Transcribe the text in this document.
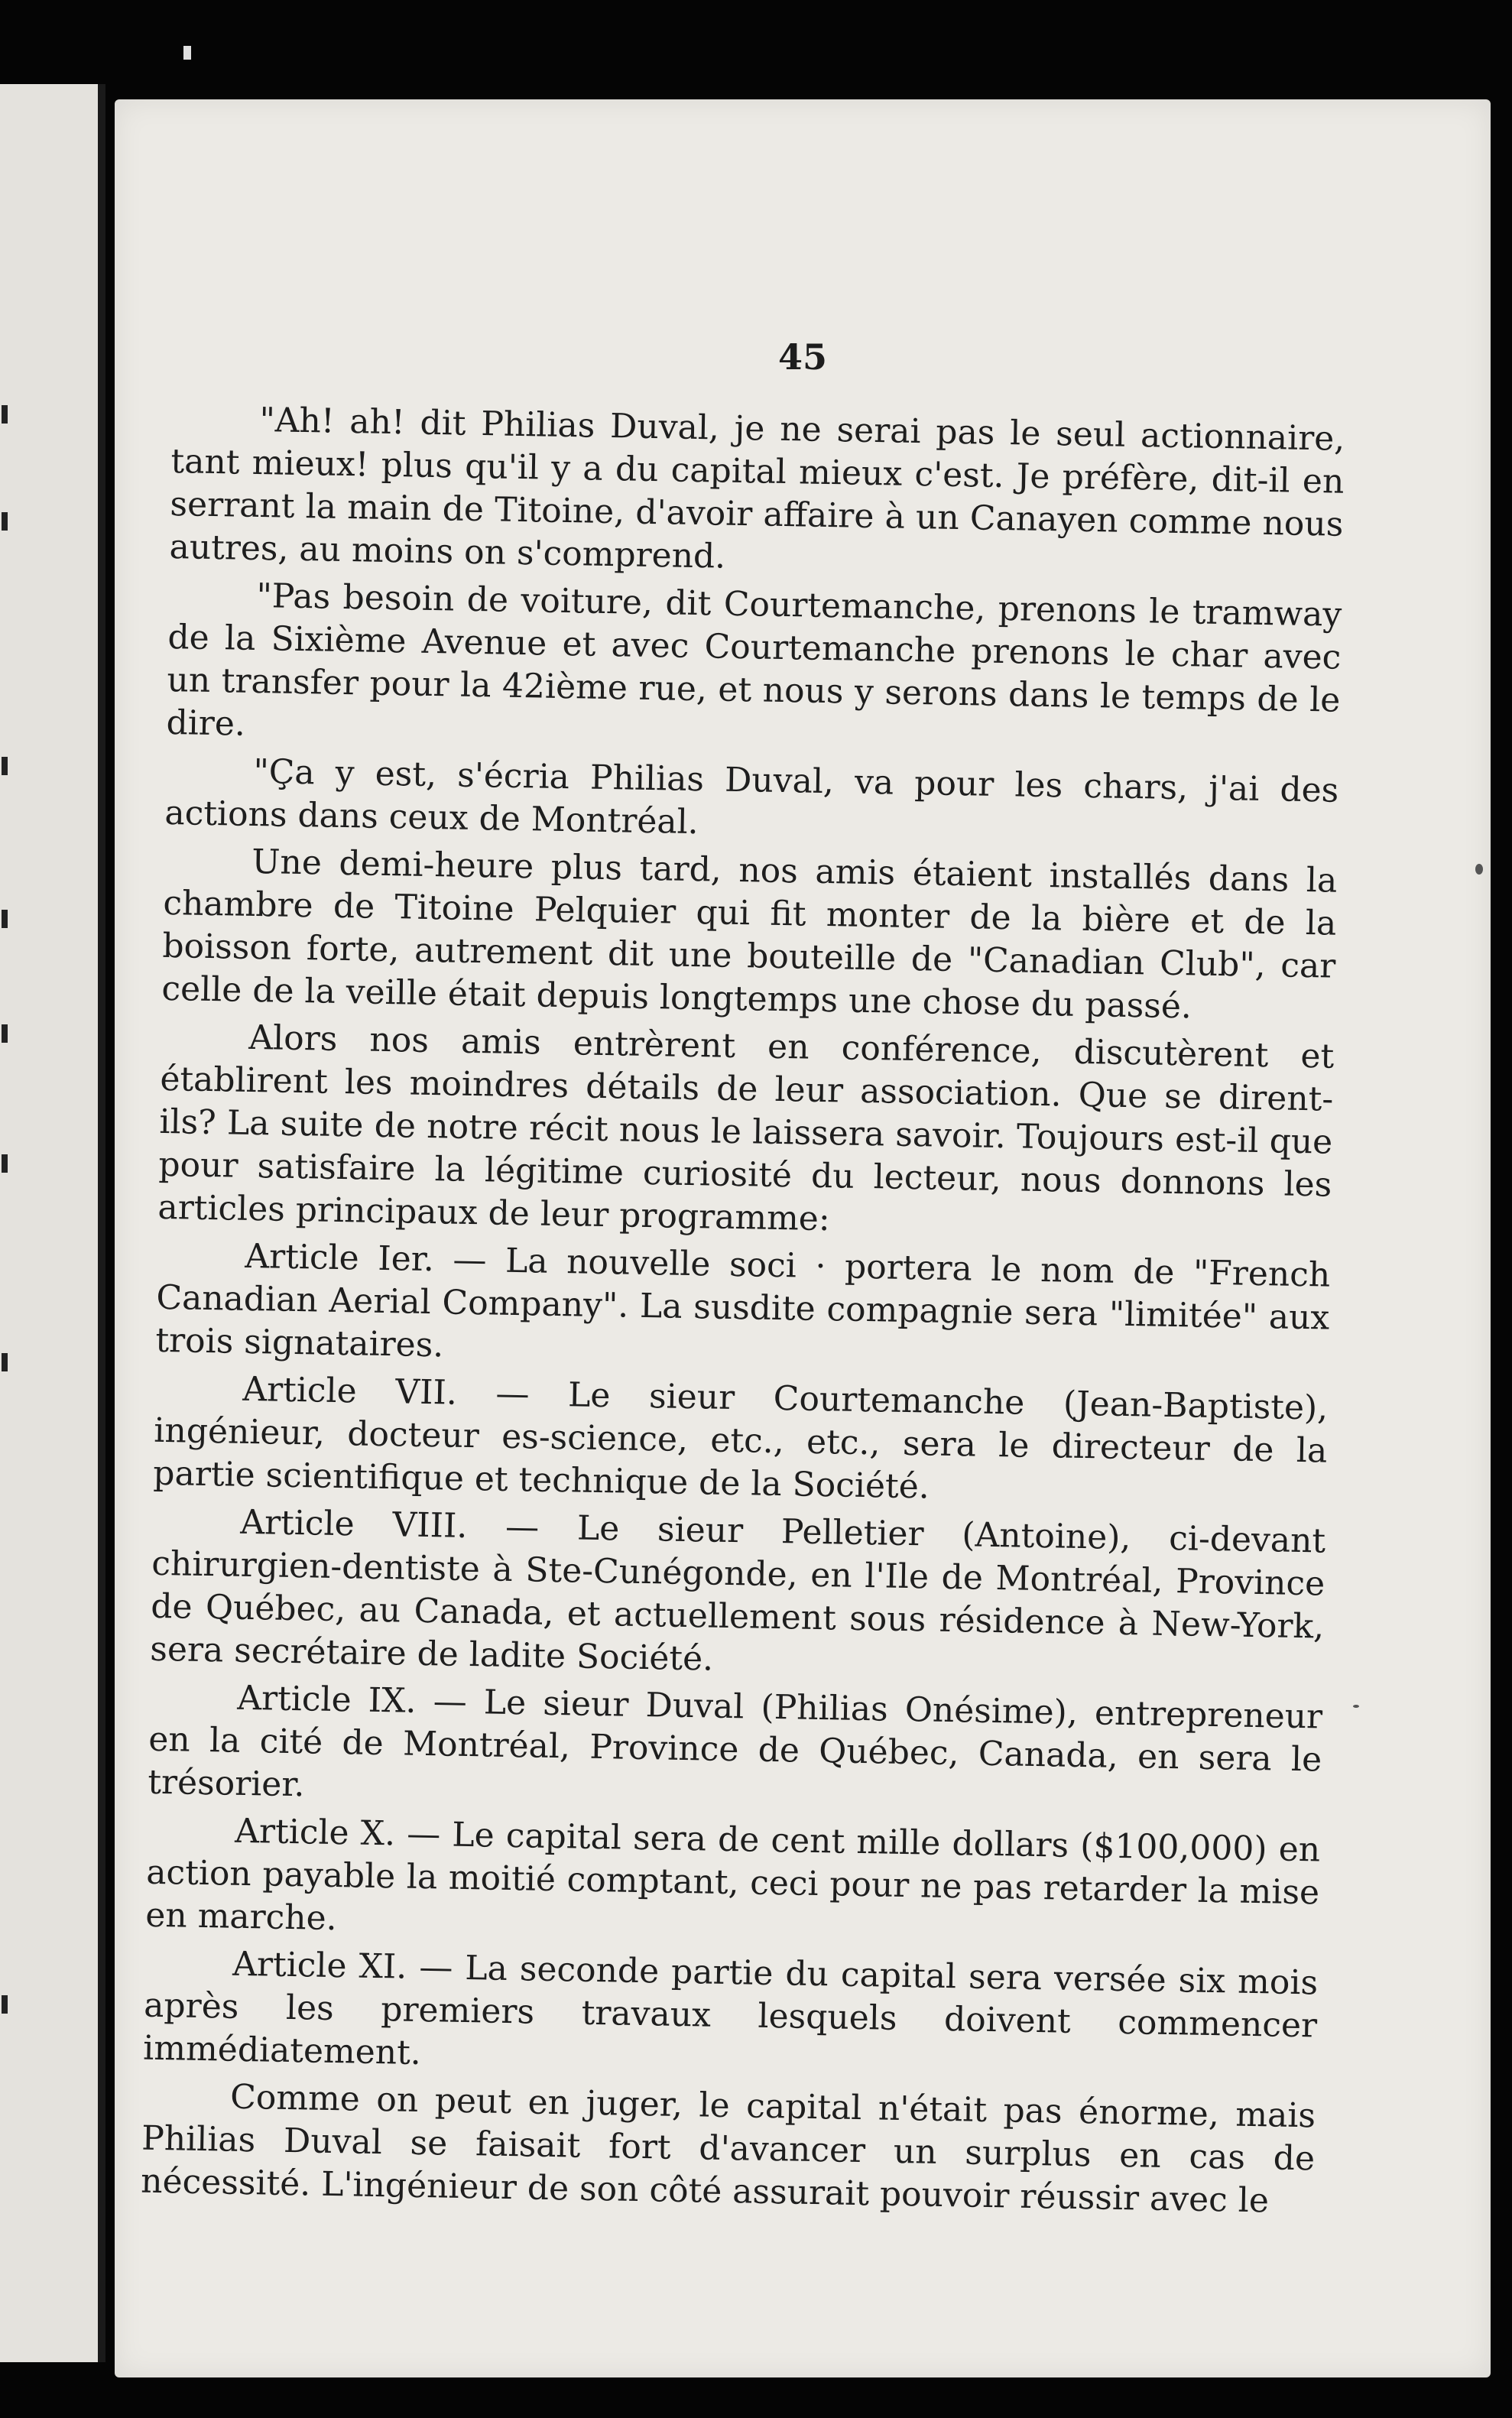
45

"Ah! ah! dit Philias Duval, je ne serai pas le seul actionnaire, tant mieux! plus qu'il y a du capital mieux c'est. Je préfère, dit-il en serrant la main de Titoine, d'avoir affaire à un Canayen comme nous autres, au moins on s'comprend.

"Pas besoin de voiture, dit Courtemanche, prenons le tramway de la Sixième Avenue et avec Courtemanche prenons le char avec un transfer pour la 42ième rue, et nous y serons dans le temps de le dire.

"Ça y est, s'écria Philias Duval, va pour les chars, j'ai des actions dans ceux de Montréal.

Une demi-heure plus tard, nos amis étaient installés dans la chambre de Titoine Pelquier qui fit monter de la bière et de la boisson forte, autrement dit une bouteille de "Canadian Club", car celle de la veille était depuis longtemps une chose du passé.

Alors nos amis entrèrent en conférence, discutèrent et établirent les moindres détails de leur association. Que se dirent-ils? La suite de notre récit nous le laissera savoir. Toujours est-il que pour satisfaire la légitime curiosité du lecteur, nous donnons les articles principaux de leur programme:

Article Ier. — La nouvelle soci · portera le nom de "French Canadian Aerial Company". La susdite compagnie sera "limitée" aux trois signataires.

Article VII. — Le sieur Courtemanche (Jean-Baptiste), ingénieur, docteur es-science, etc., etc., sera le directeur de la partie scientifique et technique de la Société.

Article VIII. — Le sieur Pelletier (Antoine), ci-devant chirurgien-dentiste à Ste-Cunégonde, en l'Ile de Montréal, Province de Québec, au Canada, et actuellement sous résidence à New-York, sera secrétaire de ladite Société.

Article IX. — Le sieur Duval (Philias Onésime), entrepreneur en la cité de Montréal, Province de Québec, Canada, en sera le trésorier.

Article X. — Le capital sera de cent mille dollars ($100,000) en action payable la moitié comptant, ceci pour ne pas retarder la mise en marche.

Article XI. — La seconde partie du capital sera versée six mois après les premiers travaux lesquels doivent commencer immédiatement.

Comme on peut en juger, le capital n'était pas énorme, mais Philias Duval se faisait fort d'avancer un surplus en cas de nécessité. L'ingénieur de son côté assurait pouvoir réussir avec le
